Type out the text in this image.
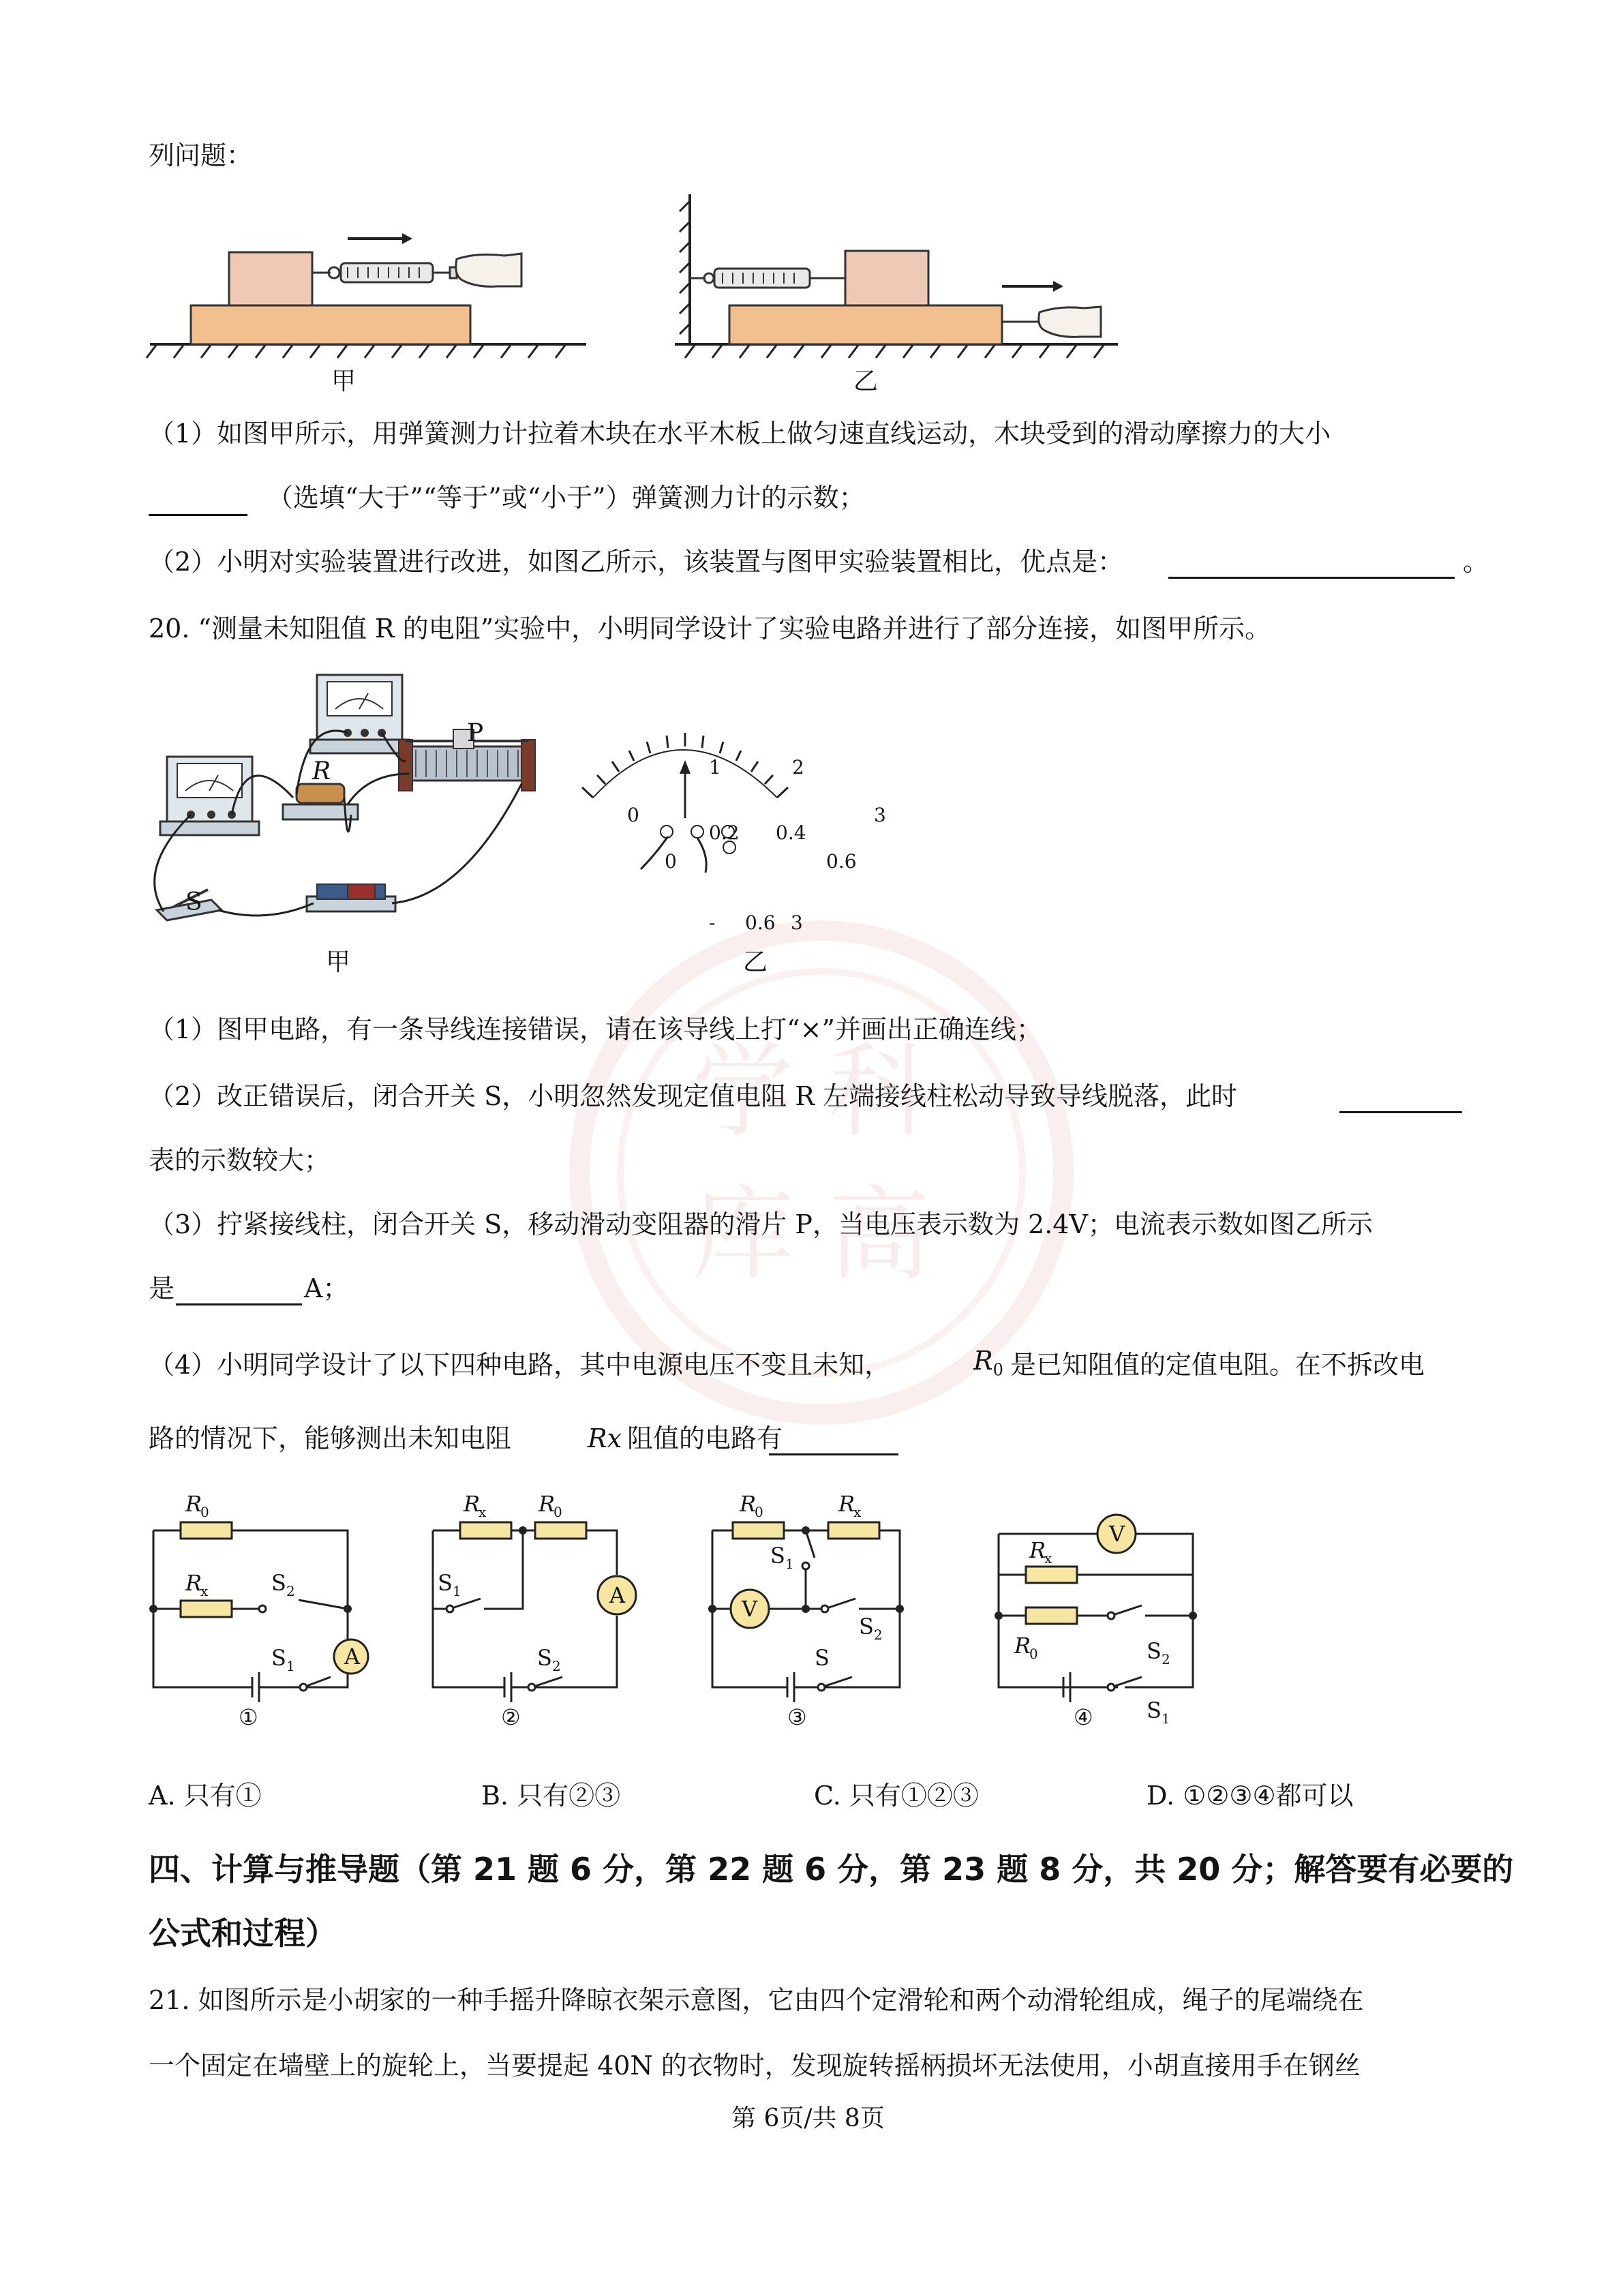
学 科
库 高
列问题：
甲	乙
（1）如图甲所示，用弹簧测力计拉着木块在水平木板上做匀速直线运动，木块受到的滑动摩擦力的大小
（选填“大于”“等于”或“小于”）弹簧测力计的示数；
（2）小明对实验装置进行改进，如图乙所示，该装置与图甲实验装置相比，优点是：	。
20. “测量未知阻值 R 的电阻”实验中，小明同学设计了实验电路并进行了部分连接，如图甲所示。
S
P
R
甲	乙
0
1	2
3
0
0.2 0.4
0.6
- 0.6 3
（1）图甲电路，有一条导线连接错误，请在该导线上打“×”并画出正确连线；
（2）改正错误后，闭合开关 S，小明忽然发现定值电阻 R 左端接线柱松动导致导线脱落，此时
表的示数较大；
（3）拧紧接线柱，闭合开关 S，移动滑动变阻器的滑片 P，当电压表示数为 2.4V；电流表示数如图乙所示
是	A；
（4）小明同学设计了以下四种电路，其中电源电压不变且未知，	$R_0$ 是已知阻值的定值电阻。在不拆改电
路的情况下，能够测出未知电阻	Rx 阻值的电路有
R
0
R
x	S 2
S 1 A
①
R
x R
0
S 1
S 2
A
②
R
0	R
x
S 1
S 2
S
V
③
R
x
R
0	S 2
S 1
V
④
A. 只有①	B. 只有②③	C. 只有①②③	D. ①②③④都可以
四、计算与推导题（第 21 题 6 分，第 22 题 6 分，第 23 题 8 分，共 20 分；解答要有必要的
公式和过程）
21. 如图所示是小胡家的一种手摇升降晾衣架示意图，它由四个定滑轮和两个动滑轮组成，绳子的尾端绕在
一个固定在墙壁上的旋轮上，当要提起 40N 的衣物时，发现旋转摇柄损坏无法使用，小胡直接用手在钢丝
第 6页/共 8页
